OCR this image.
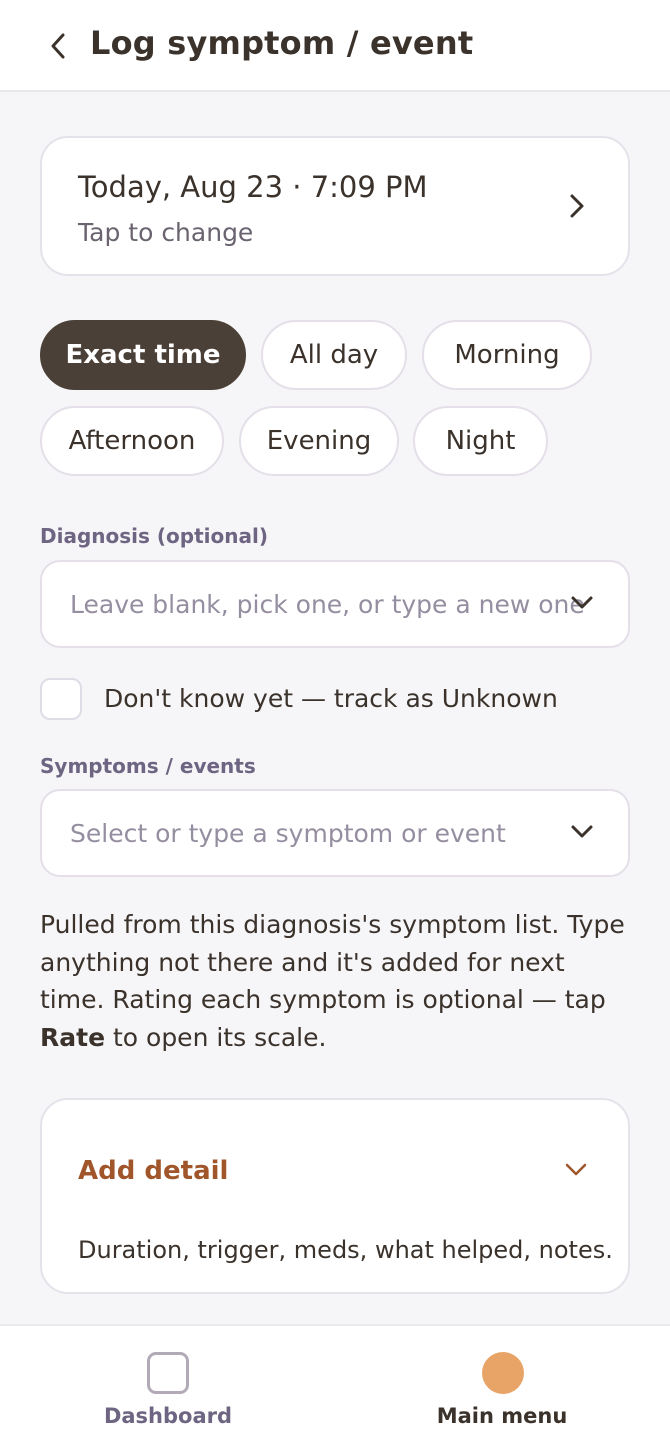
Log symptom / event
Today, Aug 23 · 7:09 PM
Tap to change
Exact time	All day	Morning
Afternoon	Evening	Night
Diagnosis (optional)
Leave blank, pick one, or type a new one
Don't know yet — track as Unknown
Symptoms / events
Select or type a symptom or event
Pulled from this diagnosis's symptom list. Type anything not there and it's added for next time. Rating each symptom is optional — tap Rate to open its scale.
Add detail
Duration, trigger, meds, what helped, notes.
Dashboard	Main menu
